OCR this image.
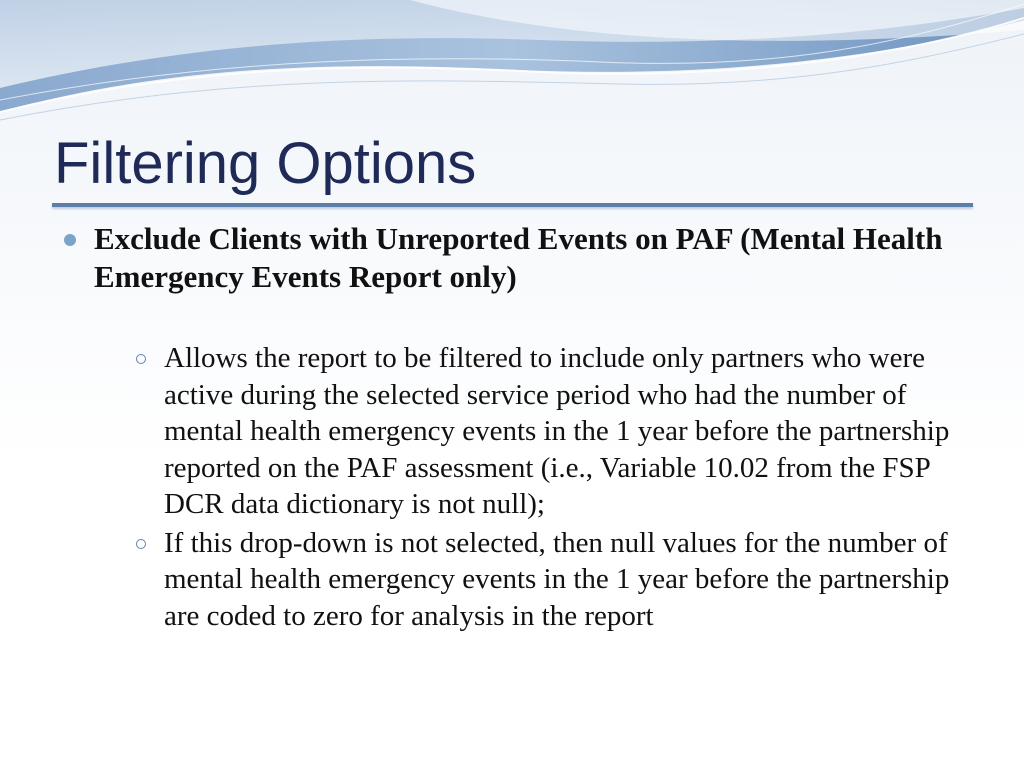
Filtering Options

Exclude Clients with Unreported Events on PAF (Mental Health Emergency Events Report only)

Allows the report to be filtered to include only partners who were active during the selected service period who had the number of mental health emergency events in the 1 year before the partnership reported on the PAF assessment (i.e., Variable 10.02 from the FSP DCR data dictionary is not null);

If this drop-down is not selected, then null values for the number of mental health emergency events in the 1 year before the partnership are coded to zero for analysis in the report
